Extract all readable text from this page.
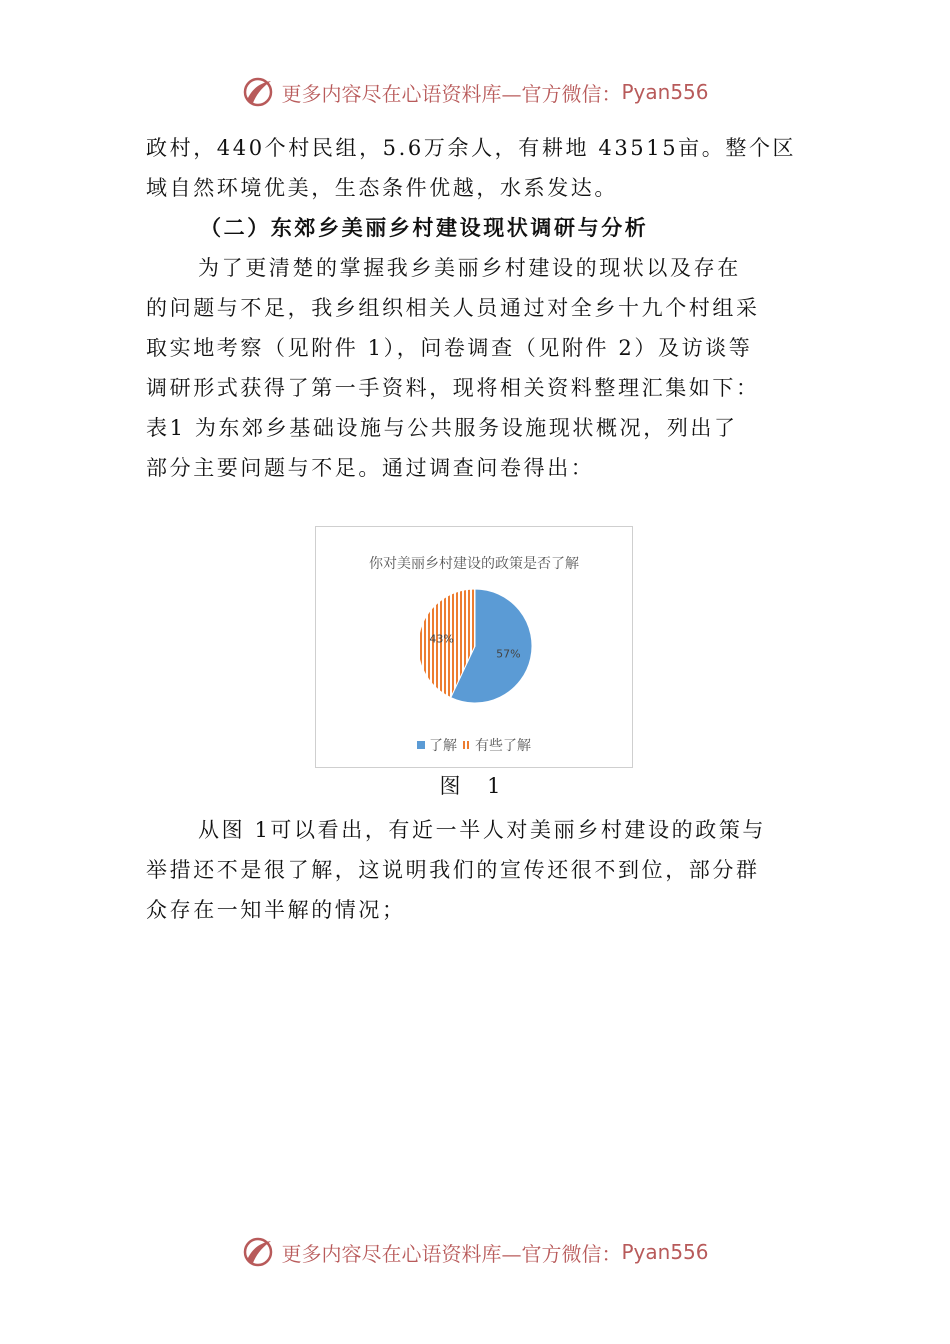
更多内容尽在心语资料库—官方微信： Pyan556
政村，440个村民组，5.6万余人，有耕地 43515亩。整个区
域自然环境优美，生态条件优越，水系发达。
（二）东郊乡美丽乡村建设现状调研与分析
为了更清楚的掌握我乡美丽乡村建设的现状以及存在
的问题与不足，我乡组织相关人员通过对全乡十九个村组采
取实地考察（见附件 1），问卷调查（见附件 2）及访谈等
调研形式获得了第一手资料，现将相关资料整理汇集如下：
表1 为东郊乡基础设施与公共服务设施现状概况，列出了
部分主要问题与不足。通过调查问卷得出：
你对美丽乡村建设的政策是否了解
57%
43%
了解 有些了解
图 1
从图 1可以看出，有近一半人对美丽乡村建设的政策与
举措还不是很了解，这说明我们的宣传还很不到位，部分群
众存在一知半解的情况；
更多内容尽在心语资料库—官方微信： Pyan556
